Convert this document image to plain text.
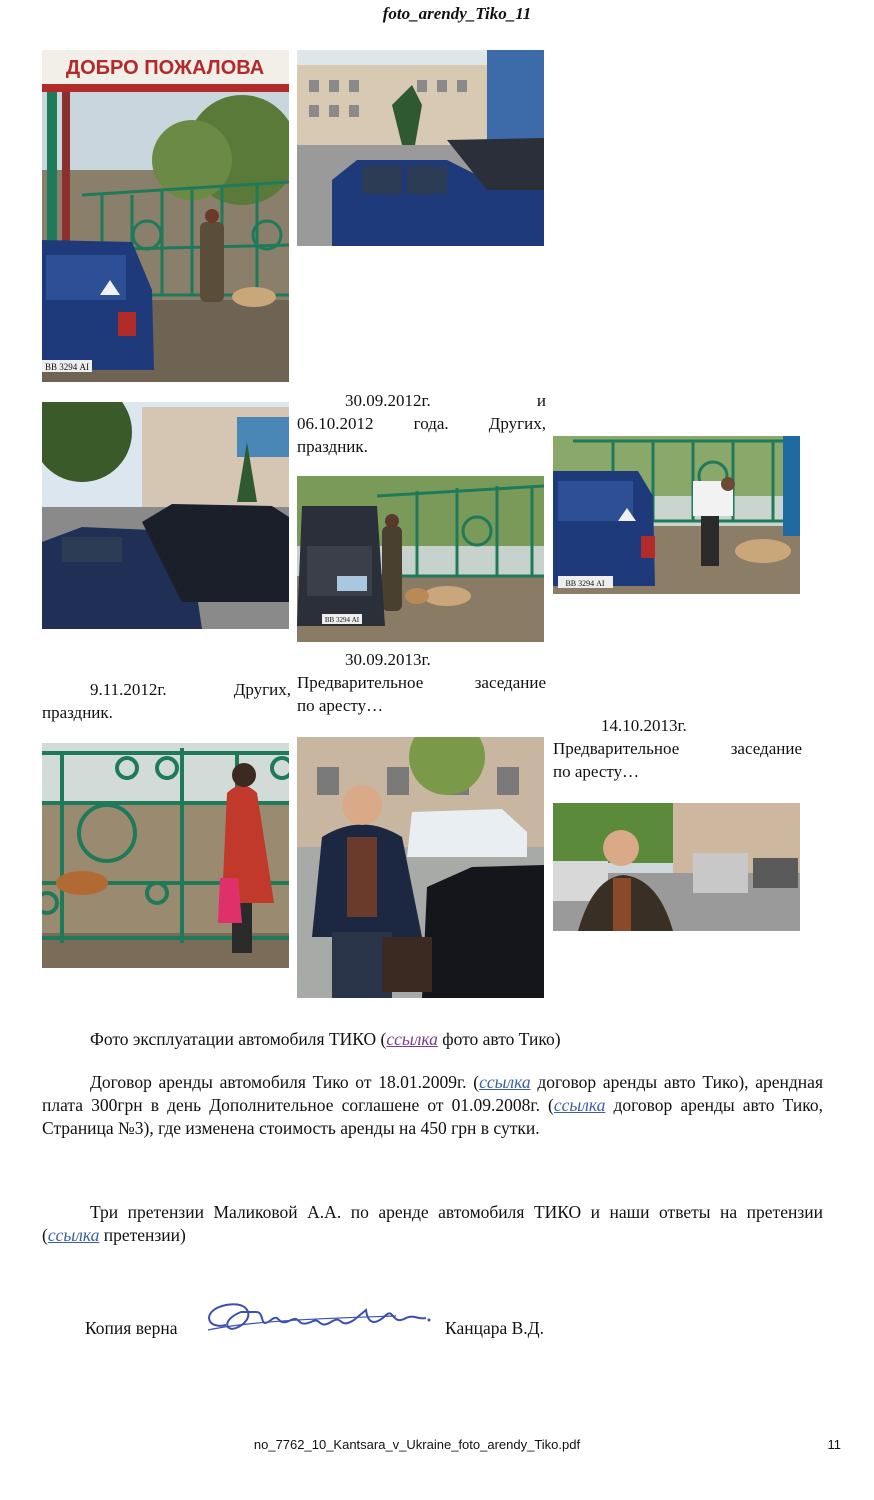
foto_arendy_Tiko_11
ВВ 3294 АІ
ДОБРО ПОЖАЛОВА
ВВ 3294 АІ
ВВ 3294 АІ
30.09.2012г.	и
06.10.2012 года. Других,
праздник.
9.11.2012г.	Других,
праздник.
30.09.2013г.
Предварительное	заседание
по аресту…
14.10.2013г.
Предварительное	заседание
по аресту…
Фото эксплуатации автомобиля ТИКО (ссылка фото авто Тико)
Договор аренды автомобиля Тико от 18.01.2009г. (ссылка договор аренды авто Тико), арендная плата 300грн в день Дополнительное соглашене от 01.09.2008г. (ссылка договор аренды авто Тико, Страница №3), где изменена стоимость аренды на 450 грн в сутки.
Три претензии Маликовой А.А. по аренде автомобиля ТИКО и наши ответы на претензии (ссылка претензии)
Копия верна	Канцара В.Д.
no_7762_10_Kantsara_v_Ukraine_foto_arendy_Tiko.pdf	11
